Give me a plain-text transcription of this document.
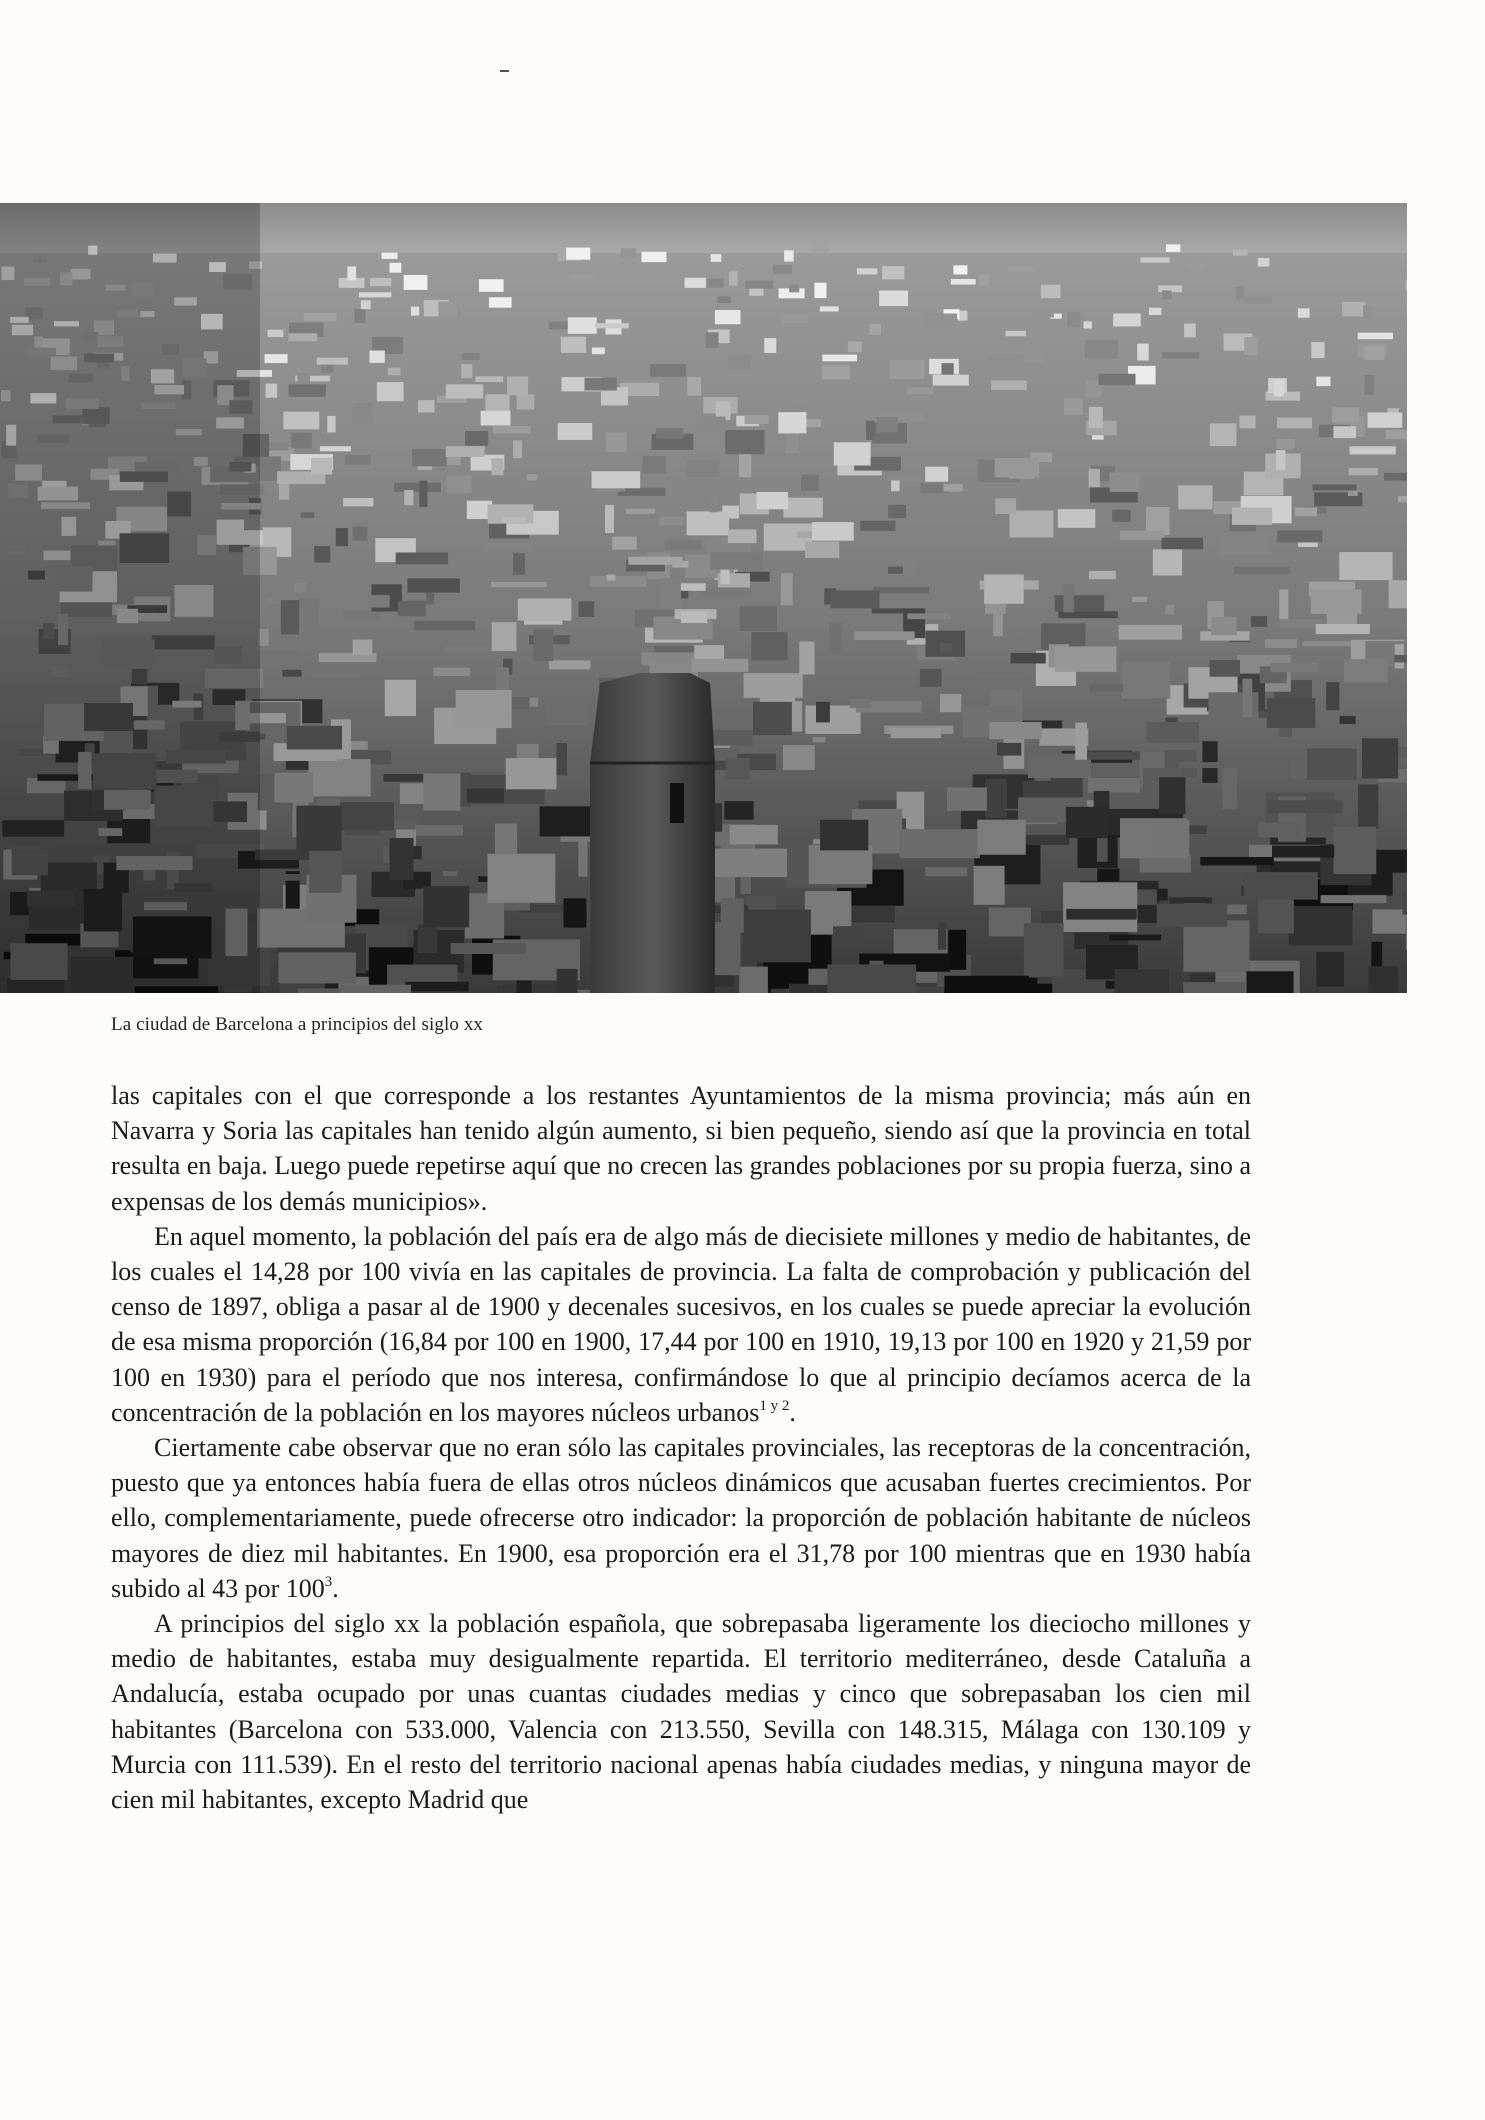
La ciudad de Barcelona a principios del siglo xx

las capitales con el que corresponde a los restantes Ayuntamientos de la misma provincia; más aún en Navarra y Soria las capitales han tenido algún aumento, si bien pequeño, siendo así que la provincia en total resulta en baja. Luego puede repetirse aquí que no crecen las grandes poblaciones por su propia fuerza, sino a expensas de los demás municipios».

En aquel momento, la población del país era de algo más de diecisiete millones y medio de habitantes, de los cuales el 14,28 por 100 vivía en las capitales de provincia. La falta de comprobación y publicación del censo de 1897, obliga a pasar al de 1900 y decenales sucesivos, en los cuales se puede apreciar la evolución de esa misma proporción (16,84 por 100 en 1900, 17,44 por 100 en 1910, 19,13 por 100 en 1920 y 21,59 por 100 en 1930) para el período que nos interesa, confirmándose lo que al principio decíamos acerca de la concentración de la población en los mayores núcleos urbanos$^{1 y 2}$.

Ciertamente cabe observar que no eran sólo las capitales provinciales, las receptoras de la concentración, puesto que ya entonces había fuera de ellas otros núcleos dinámicos que acusaban fuertes crecimientos. Por ello, complementariamente, puede ofrecerse otro indicador: la proporción de población habitante de núcleos mayores de diez mil habitantes. En 1900, esa proporción era el 31,78 por 100 mientras que en 1930 había subido al 43 por $100^3$.

A principios del siglo xx la población española, que sobrepasaba ligeramente los dieciocho millones y medio de habitantes, estaba muy desigualmente repartida. El territorio mediterráneo, desde Cataluña a Andalucía, estaba ocupado por unas cuantas ciudades medias y cinco que sobrepasaban los cien mil habitantes (Barcelona con 533.000, Valencia con 213.550, Sevilla con 148.315, Málaga con 130.109 y Murcia con 111.539). En el resto del territorio nacional apenas había ciudades medias, y ninguna mayor de cien mil habitantes, excepto Madrid que
